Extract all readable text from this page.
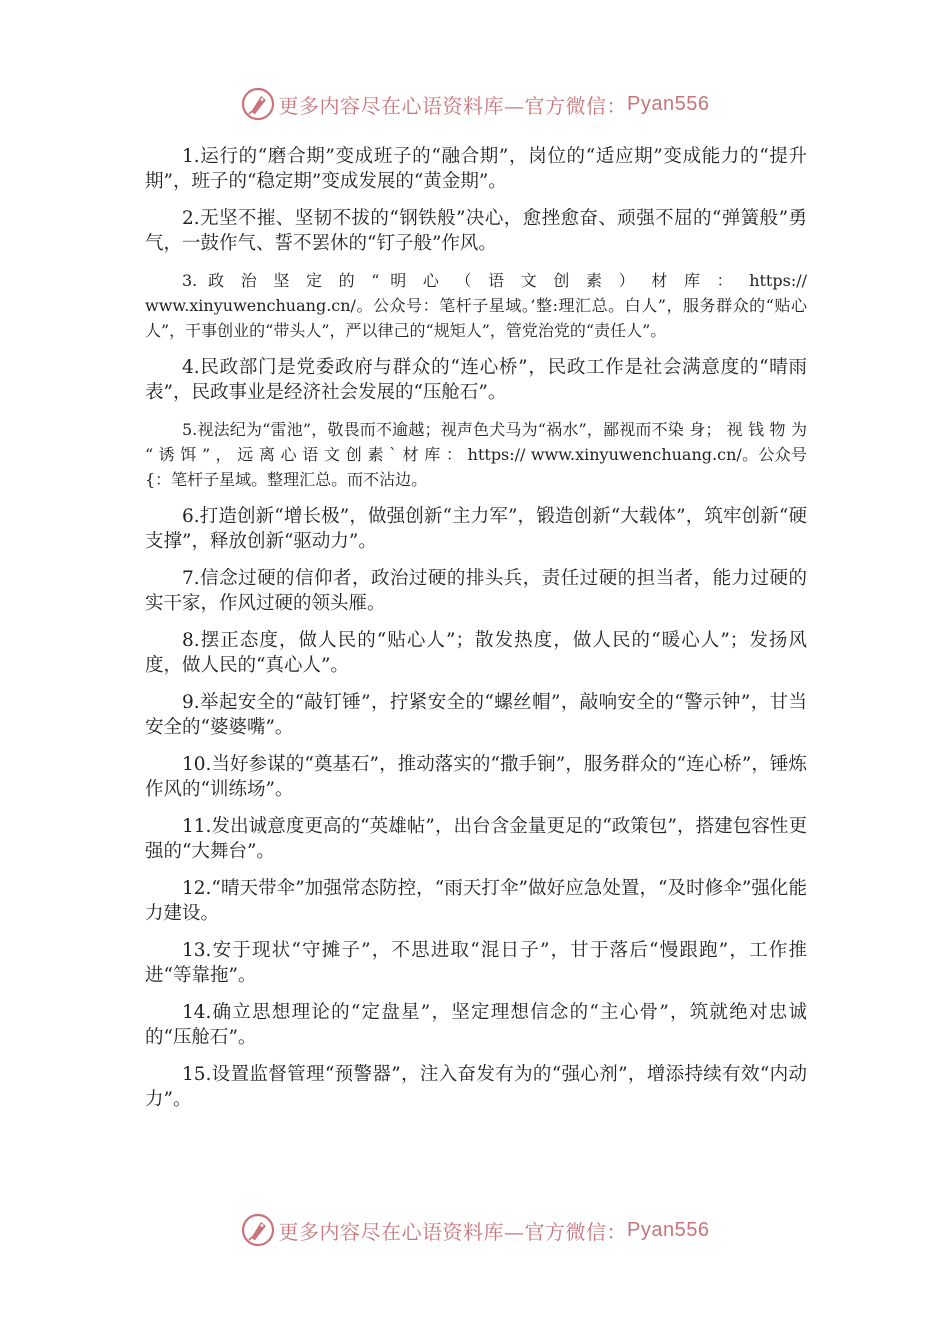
更多内容尽在心语资料库—官方微信： Pyan556

1.运行的“磨合期”变成班子的“融合期”，岗位的“适应期”变成能力的“提升期”，班子的“稳定期”变成发展的“黄金期”。

2.无坚不摧、坚韧不拔的“钢铁般”决心，愈挫愈奋、顽强不屈的“弹簧般”勇气，一鼓作气、誓不罢休的“钉子般”作风。

3. 政 治 坚 定 的 “ 明 心 （ 语 文 创 素 ） 材 库 ： https:// www.xinyuwenchuang.cn/。公众号：笔杆子星域。’整:理汇总。白人”，服务群众的“贴心人”，干事创业的“带头人”，严以律己的“规矩人”，管党治党的“责任人”。

4.民政部门是党委政府与群众的“连心桥”，民政工作是社会满意度的“晴雨表”，民政事业是经济社会发展的“压舱石”。

5.视法纪为“雷池”，敬畏而不逾越；视声色犬马为“祸水”，鄙视而不染 身； 视 钱 物 为 “ 诱 饵 ” ， 远 离 心 语 文 创 素 ` 材 库 ： https:// www.xinyuwenchuang.cn/。公众号{：笔杆子星域。整理汇总。而不沾边。

6.打造创新“增长极”，做强创新“主力军”，锻造创新“大载体”，筑牢创新“硬支撑”，释放创新“驱动力”。

7.信念过硬的信仰者，政治过硬的排头兵，责任过硬的担当者，能力过硬的实干家，作风过硬的领头雁。

8.摆正态度，做人民的“贴心人”；散发热度，做人民的“暖心人”；发扬风度，做人民的“真心人”。

9.举起安全的“敲钉锤”，拧紧安全的“螺丝帽”，敲响安全的“警示钟”，甘当安全的“婆婆嘴”。

10.当好参谋的“奠基石”，推动落实的“撒手锏”，服务群众的“连心桥”，锤炼作风的“训练场”。

11.发出诚意度更高的“英雄帖”，出台含金量更足的“政策包”，搭建包容性更强的“大舞台”。

12.“晴天带伞”加强常态防控，“雨天打伞”做好应急处置，“及时修伞”强化能力建设。

13.安于现状“守摊子”，不思进取“混日子”，甘于落后“慢跟跑”，工作推进“等靠拖”。

14.确立思想理论的“定盘星”，坚定理想信念的“主心骨”，筑就绝对忠诚的“压舱石”。

15.设置监督管理“预警器”，注入奋发有为的“强心剂”，增添持续有效“内动力”。

更多内容尽在心语资料库—官方微信： Pyan556
